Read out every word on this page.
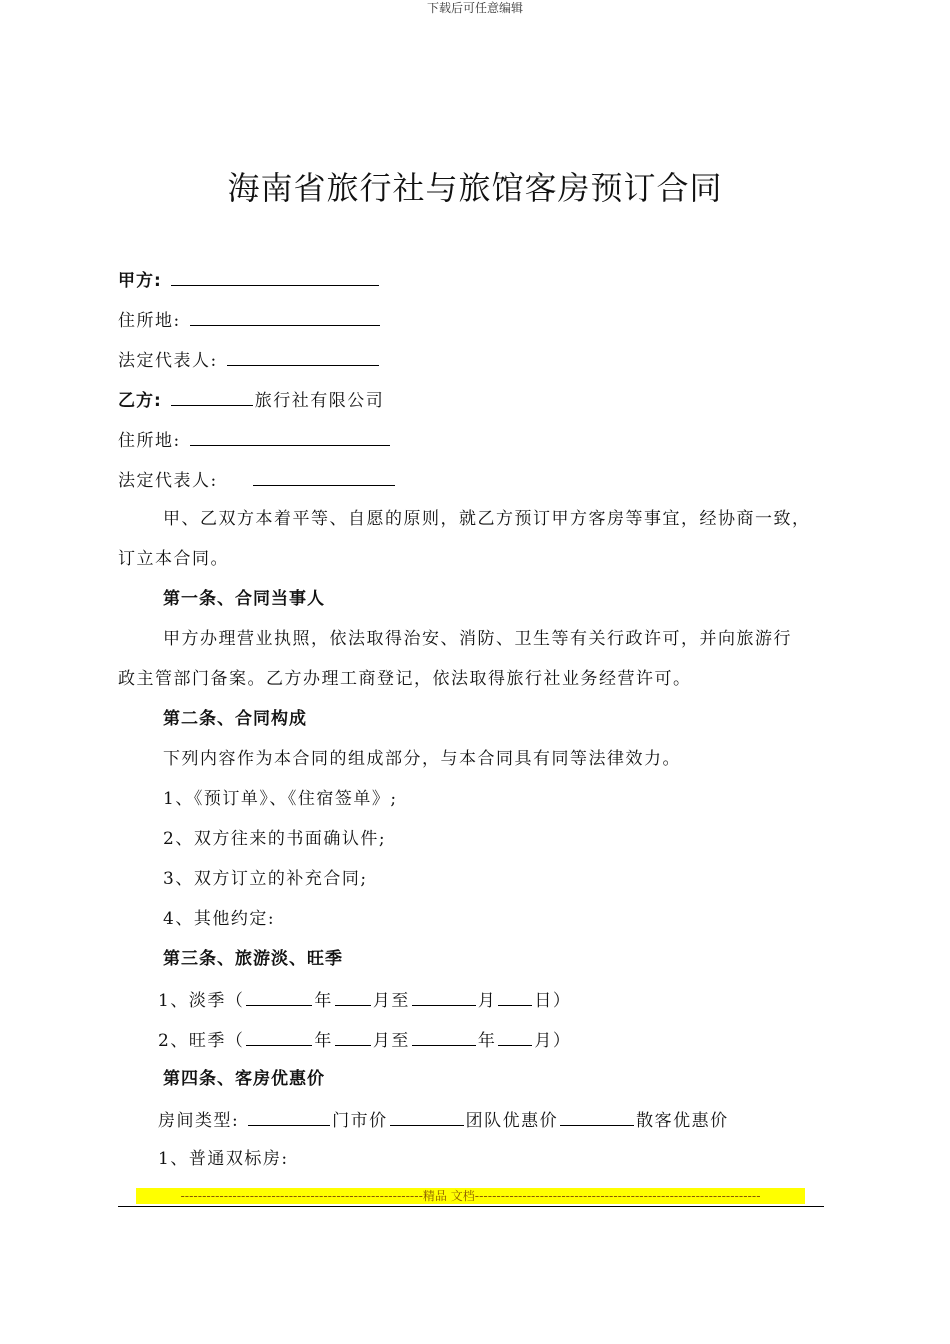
下载后可任意编辑
海南省旅行社与旅馆客房预订合同
甲方:
住所地:
法定代表人:
乙方:	旅行社有限公司
住所地:
法定代表人:
甲、乙双方本着平等、自愿的原则，就乙方预订甲方客房等事宜，经协商一致，
订立本合同。
第一条、合同当事人
甲方办理营业执照，依法取得治安、消防、卫生等有关行政许可，并向旅游行
政主管部门备案。乙方办理工商登记，依法取得旅行社业务经营许可。
第二条、合同构成
下列内容作为本合同的组成部分，与本合同具有同等法律效力。
1、《预订单》、《住宿签单》;
2、双方往来的书面确认件;
3、双方订立的补充合同;
4、其他约定:
第三条、旅游淡、旺季
1、淡季（	年 月至	月 日）
2、旺季（	年 月至	年 月）
第四条、客房优惠价
房间类型:	门市价	团队优惠价	散客优惠价
1、普通双标房:
--------------------------------------------------------精品 文档------------------------------------------------------------------
